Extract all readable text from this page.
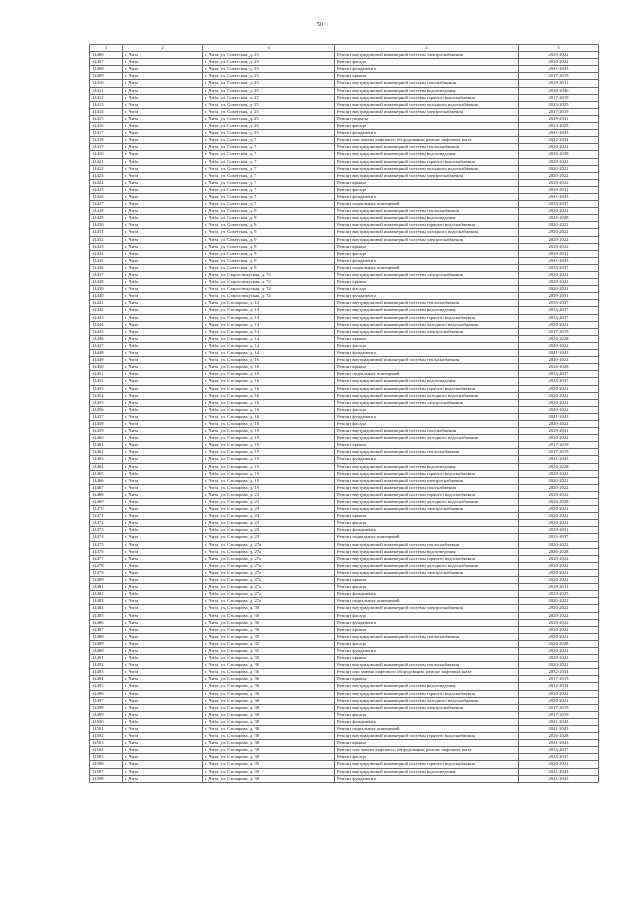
50
1	2	3	4	5
14406	г. Чита	г. Чита, ул. Советская, д. 23	Ремонт внутридомовой инженерной системы электроснабжения	2020-2022
14407	г. Чита	г. Чита, ул. Советская, д. 23	Ремонт фасада	2020-2022
14408	г. Чита	г. Чита, ул. Советская, д. 23	Ремонт фундамента	2041-2043
14409	г. Чита	г. Чита, ул. Советская, д. 25	Ремонт крыши	2017-2019
14410	г. Чита	г. Чита, ул. Советская, д. 25	Ремонт внутридомовой инженерной системы газоснабжения	2029-2031
14411	г. Чита	г. Чита, ул. Советская, д. 25	Ремонт внутридомовой инженерной системы водоотведения	2038-2040
14412	г. Чита	г. Чита, ул. Советская, д. 25	Ремонт внутридомовой инженерной системы горячего водоснабжения	2017-2019
14413	г. Чита	г. Чита, ул. Советская, д. 25	Ремонт внутридомовой инженерной системы холодного водоснабжения	2023-2025
14414	г. Чита	г. Чита, ул. Советская, д. 25	Ремонт внутридомовой инженерной системы электроснабжения	2017-2019
14415	г. Чита	г. Чита, ул. Советская, д. 25	Ремонт подвала	2029-2031
14416	г. Чита	г. Чита, ул. Советская, д. 25	Ремонт фасада	2023-2025
14417	г. Чита	г. Чита, ул. Советская, д. 25	Ремонт фундамента	2041-2043
14418	г. Чита	г. Чита, ул. Советская, д. 7	Ремонт или замена лифтового оборудования, ремонт лифтовых шахт	2032-2034
14419	г. Чита	г. Чита, ул. Советская, д. 7	Ремонт внутридомовой инженерной системы теплоснабжения	2020-2022
14420	г. Чита	г. Чита, ул. Советская, д. 7	Ремонт внутридомовой инженерной системы водоотведения	2026-2028
14421	г. Чита	г. Чита, ул. Советская, д. 7	Ремонт внутридомовой инженерной системы горячего водоснабжения	2020-2022
14422	г. Чита	г. Чита, ул. Советская, д. 7	Ремонт внутридомовой инженерной системы холодного водоснабжения	2020-2022
14423	г. Чита	г. Чита, ул. Советская, д. 7	Ремонт внутридомовой инженерной системы электроснабжения	2020-2022
14424	г. Чита	г. Чита, ул. Советская, д. 7	Ремонт крыши	2020-2022
14425	г. Чита	г. Чита, ул. Советская, д. 7	Ремонт фасада	2029-2031
14426	г. Чита	г. Чита, ул. Советская, д. 7	Ремонт фундамента	2041-2043
14427	г. Чита	г. Чита, ул. Советская, д. 7	Ремонт подвальных помещений	2035-2037
14428	г. Чита	г. Чита, ул. Советская, д. 9	Ремонт внутридомовой инженерной системы теплоснабжения	2020-2022
14429	г. Чита	г. Чита, ул. Советская, д. 9	Ремонт внутридомовой инженерной системы водоотведения	2026-2028
14430	г. Чита	г. Чита, ул. Советская, д. 9	Ремонт внутридомовой инженерной системы горячего водоснабжения	2020-2022
14431	г. Чита	г. Чита, ул. Советская, д. 9	Ремонт внутридомовой инженерной системы холодного водоснабжения	2020-2022
14432	г. Чита	г. Чита, ул. Советская, д. 9	Ремонт внутридомовой инженерной системы электроснабжения	2020-2022
14433	г. Чита	г. Чита, ул. Советская, д. 9	Ремонт крыши	2020-2022
14434	г. Чита	г. Чита, ул. Советская, д. 9	Ремонт фасада	2029-2031
14435	г. Чита	г. Чита, ул. Советская, д. 9	Ремонт фундамента	2041-2043
14436	г. Чита	г. Чита, ул. Советская, д. 9	Ремонт подвальных помещений	2035-2037
14437	г. Чита	г. Чита, ул. Старостюкуская, д. 72	Ремонт внутридомовой инженерной системы электроснабжения	2020-2022
14438	г. Чита	г. Чита, ул. Старостюкуская, д. 72	Ремонт крыши	2020-2022
14439	г. Чита	г. Чита, ул. Старостюкуская, д. 72	Ремонт фасада	2020-2022
14440	г. Чита	г. Чита, ул. Старостюкуская, д. 72	Ремонт фундамента	2029-2031
14441	г. Чита	г. Чита, ул. Столярова, д. 14	Ремонт внутридомовой инженерной системы теплоснабжения	2035-2037
14442	г. Чита	г. Чита, ул. Столярова, д. 14	Ремонт внутридомовой инженерной системы водоотведения	2035-2037
14443	г. Чита	г. Чита, ул. Столярова, д. 14	Ремонт внутридомовой инженерной системы горячего водоснабжения	2035-2037
14444	г. Чита	г. Чита, ул. Столярова, д. 14	Ремонт внутридомовой инженерной системы холодного водоснабжения	2020-2022
14445	г. Чита	г. Чита, ул. Столярова, д. 14	Ремонт внутридомовой инженерной системы электроснабжения	2017-2019
14446	г. Чита	г. Чита, ул. Столярова, д. 14	Ремонт крыши	2026-2028
14447	г. Чита	г. Чита, ул. Столярова, д. 14	Ремонт фасада	2020-2022
14448	г. Чита	г. Чита, ул. Столярова, д. 14	Ремонт фундамента	2041-2043
14449	г. Чита	г. Чита, ул. Столярова, д. 16	Ремонт внутридомовой инженерной системы теплоснабжения	2020-2022
14450	г. Чита	г. Чита, ул. Столярова, д. 16	Ремонт крыши	2026-2028
14451	г. Чита	г. Чита, ул. Столярова, д. 16	Ремонт подвальных помещений	2035-2037
14452	г. Чита	г. Чита, ул. Столярова, д. 16	Ремонт внутридомовой инженерной системы водоотведения	2035-2037
14453	г. Чита	г. Чита, ул. Столярова, д. 16	Ремонт внутридомовой инженерной системы горячего водоснабжения	2020-2022
14454	г. Чита	г. Чита, ул. Столярова, д. 16	Ремонт внутридомовой инженерной системы холодного водоснабжения	2020-2022
14455	г. Чита	г. Чита, ул. Столярова, д. 16	Ремонт внутридомовой инженерной системы электроснабжения	2020-2022
14456	г. Чита	г. Чита, ул. Столярова, д. 16	Ремонт фасада	2020-2022
14457	г. Чита	г. Чита, ул. Столярова, д. 16	Ремонт фундамента	2041-2043
14458	г. Чита	г. Чита, ул. Столярова, д. 18	Ремонт фасада	2020-2022
14459	г. Чита	г. Чита, ул. Столярова, д. 19	Ремонт внутридомовой инженерной системы газоснабжения	2029-2031
14460	г. Чита	г. Чита, ул. Столярова, д. 19	Ремонт внутридомовой инженерной системы холодного водоснабжения	2020-2022
14461	г. Чита	г. Чита, ул. Столярова, д. 19	Ремонт крыши	2017-2019
14462	г. Чита	г. Чита, ул. Столярова, д. 19	Ремонт внутридомовой инженерной системы теплоснабжения	2017-2019
14463	г. Чита	г. Чита, ул. Столярова, д. 19	Ремонт фундамента	2041-2043
14464	г. Чита	г. Чита, ул. Столярова, д. 19	Ремонт внутридомовой инженерной системы водоотведения	2026-2028
14465	г. Чита	г. Чита, ул. Столярова, д. 19	Ремонт внутридомовой инженерной системы горячего водоснабжения	2020-2022
14466	г. Чита	г. Чита, ул. Столярова, д. 19	Ремонт внутридомовой инженерной системы электроснабжения	2020-2022
14467	г. Чита	г. Чита, ул. Столярова, д. 19	Ремонт внутридомовой инженерной системы газоснабжения	2020-2022
14468	г. Чита	г. Чита, ул. Столярова, д. 23	Ремонт внутридомовой инженерной системы горячего водоснабжения	2020-2022
14469	г. Чита	г. Чита, ул. Столярова, д. 23	Ремонт внутридомовой инженерной системы холодного водоснабжения	2026-2028
14470	г. Чита	г. Чита, ул. Столярова, д. 23	Ремонт внутридомовой инженерной системы электроснабжения	2020-2022
14471	г. Чита	г. Чита, ул. Столярова, д. 23	Ремонт крыши	2020-2022
14472	г. Чита	г. Чита, ул. Столярова, д. 23	Ремонт фасада	2020-2022
14473	г. Чита	г. Чита, ул. Столярова, д. 23	Ремонт фундамента	2029-2031
14474	г. Чита	г. Чита, ул. Столярова, д. 23	Ремонт подвальных помещений	2035-2037
14475	г. Чита	г. Чита, ул. Столярова, д. 27а	Ремонт внутридомовой инженерной системы теплоснабжения	2020-2022
14476	г. Чита	г. Чита, ул. Столярова, д. 27а	Ремонт внутридомовой инженерной системы водоотведения	2026-2028
14477	г. Чита	г. Чита, ул. Столярова, д. 27а	Ремонт внутридомовой инженерной системы горячего водоснабжения	2020-2022
14478	г. Чита	г. Чита, ул. Столярова, д. 27а	Ремонт внутридомовой инженерной системы холодного водоснабжения	2020-2022
14479	г. Чита	г. Чита, ул. Столярова, д. 27а	Ремонт внутридомовой инженерной системы электроснабжения	2020-2022
14480	г. Чита	г. Чита, ул. Столярова, д. 27а	Ремонт крыши	2020-2022
14481	г. Чита	г. Чита, ул. Столярова, д. 27а	Ремонт фасада	2029-2031
14482	г. Чита	г. Чита, ул. Столярова, д. 27а	Ремонт фундамента	2023-2025
14483	г. Чита	г. Чита, ул. Столярова, д. 27а	Ремонт подвальных помещений	2020-2022
14484	г. Чита	г. Чита, ул. Столярова, д. 30	Ремонт внутридомовой инженерной системы электроснабжения	2020-2022
14485	г. Чита	г. Чита, ул. Столярова, д. 30	Ремонт фасада	2020-2022
14486	г. Чита	г. Чита, ул. Столярова, д. 30	Ремонт фундамента	2020-2022
14487	г. Чита	г. Чита, ул. Столярова, д. 30	Ремонт крыши	2020-2022
14488	г. Чита	г. Чита, ул. Столярова, д. 35	Ремонт внутридомовой инженерной системы теплоснабжения	2020-2022
14489	г. Чита	г. Чита, ул. Столярова, д. 35	Ремонт фасада	2026-2028
14490	г. Чита	г. Чита, ул. Столярова, д. 35	Ремонт фундамента	2020-2022
14491	г. Чита	г. Чита, ул. Столярова, д. 35	Ремонт крыши	2020-2022
14492	г. Чита	г. Чита, ул. Столярова, д. 36	Ремонт внутридомовой инженерной системы теплоснабжения	2020-2022
14493	г. Чита	г. Чита, ул. Столярова, д. 36	Ремонт или замена лифтового оборудования, ремонт лифтовых шахт	2032-2034
14494	г. Чита	г. Чита, ул. Столярова, д. 36	Ремонт крыши	2017-2019
14495	г. Чита	г. Чита, ул. Столярова, д. 36	Ремонт внутридомовой инженерной системы водоотведения	2032-2034
14496	г. Чита	г. Чита, ул. Столярова, д. 36	Ремонт внутридомовой инженерной системы горячего водоснабжения	2020-2022
14497	г. Чита	г. Чита, ул. Столярова, д. 36	Ремонт внутридомовой инженерной системы холодного водоснабжения	2020-2022
14498	г. Чита	г. Чита, ул. Столярова, д. 38	Ремонт внутридомовой инженерной системы электроснабжения	2017-2019
14499	г. Чита	г. Чита, ул. Столярова, д. 38	Ремонт фасада	2017-2019
14500	г. Чита	г. Чита, ул. Столярова, д. 38	Ремонт фундамента	2041-2043
14501	г. Чита	г. Чита, ул. Столярова, д. 38	Ремонт подвальных помещений	2041-2043
14502	г. Чита	г. Чита, ул. Столярова, д. 38	Ремонт внутридомовой инженерной системы горячего водоснабжения	2026-2028
14503	г. Чита	г. Чита, ул. Столярова, д. 38	Ремонт крыши	2041-2043
14504	г. Чита	г. Чита, ул. Столярова, д. 39	Ремонт или замена лифтового оборудования, ремонт лифтовых шахт	2035-2037
14505	г. Чита	г. Чита, ул. Столярова, д. 39	Ремонт фасада	2035-2037
14506	г. Чита	г. Чита, ул. Столярова, д. 39	Ремонт внутридомовой инженерной системы горячего водоснабжения	2020-2022
14507	г. Чита	г. Чита, ул. Столярова, д. 39	Ремонт внутридомовой инженерной системы водоотведения	2041-2043
14508	г. Чита	г. Чита, ул. Столярова, д. 39	Ремонт фундамента	2041-2043
